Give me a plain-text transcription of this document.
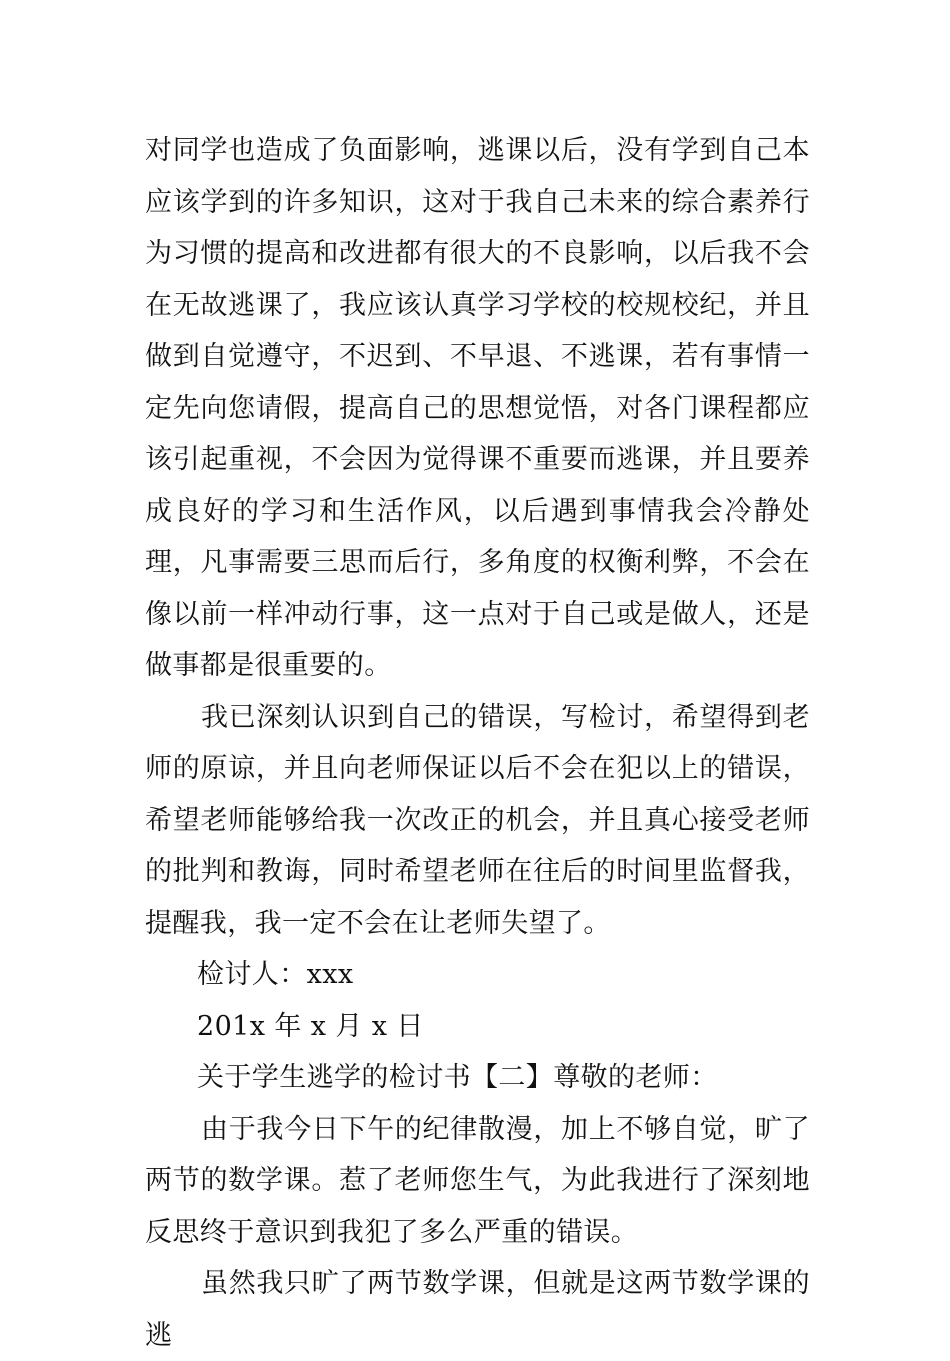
对同学也造成了负面影响，逃课以后，没有学到自己本应该学到的许多知识，这对于我自己未来的综合素养行为习惯的提高和改进都有很大的不良影响，以后我不会在无故逃课了，我应该认真学习学校的校规校纪，并且做到自觉遵守，不迟到、不早退、不逃课，若有事情一定先向您请假，提高自己的思想觉悟，对各门课程都应该引起重视，不会因为觉得课不重要而逃课，并且要养成良好的学习和生活作风，以后遇到事情我会冷静处理，凡事需要三思而后行，多角度的权衡利弊，不会在像以前一样冲动行事，这一点对于自己或是做人，还是做事都是很重要的。

我已深刻认识到自己的错误，写检讨，希望得到老师的原谅，并且向老师保证以后不会在犯以上的错误，希望老师能够给我一次改正的机会，并且真心接受老师的批判和教诲，同时希望老师在往后的时间里监督我，提醒我，我一定不会在让老师失望了。

检讨人：xxx

201x 年 x 月 x 日

关于学生逃学的检讨书【二】尊敬的老师：

由于我今日下午的纪律散漫，加上不够自觉，旷了两节的数学课。惹了老师您生气，为此我进行了深刻地反思终于意识到我犯了多么严重的错误。

虽然我只旷了两节数学课，但就是这两节数学课的逃
